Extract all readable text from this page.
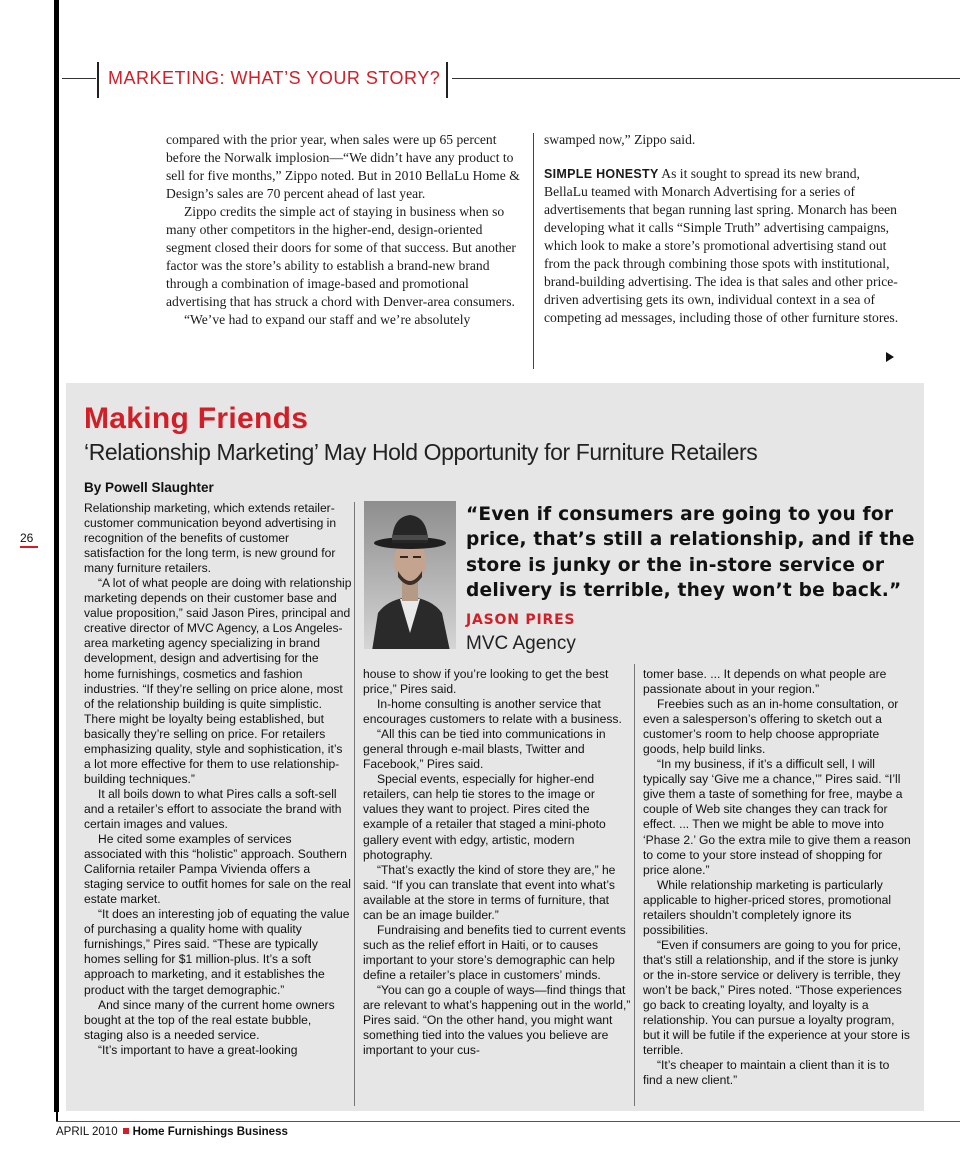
MARKETING: WHAT’S YOUR STORY?

compared with the prior year, when sales were up 65 percent before the Norwalk implosion—“We didn’t have any product to sell for five months,” Zippo noted. But in 2010 BellaLu Home & Design’s sales are 70 percent ahead of last year.

Zippo credits the simple act of staying in business when so many other competitors in the higher-end, design-oriented segment closed their doors for some of that success. But another factor was the store’s ability to establish a brand-new brand through a combination of image-based and promotional advertising that has struck a chord with Denver-area consumers.

“We’ve had to expand our staff and we’re absolutely

swamped now,” Zippo said.

SIMPLE HONESTY As it sought to spread its new brand, BellaLu teamed with Monarch Advertising for a series of advertisements that began running last spring. Monarch has been developing what it calls “Simple Truth” advertising campaigns, which look to make a store’s promotional advertising stand out from the pack through combining those spots with institutional, brand-building advertising. The idea is that sales and other price-driven advertising gets its own, individual context in a sea of competing ad messages, including those of other furniture stores.

Making Friends
‘Relationship Marketing’ May Hold Opportunity for Furniture Retailers
By Powell Slaughter

Relationship marketing, which extends retailer-customer communication beyond advertising in recognition of the benefits of customer satisfaction for the long term, is new ground for many furniture retailers.

“A lot of what people are doing with relationship marketing depends on their customer base and value proposition,” said Jason Pires, principal and creative director of MVC Agency, a Los Angeles-area marketing agency specializing in brand development, design and advertising for the home furnishings, cosmetics and fashion industries. “If they’re selling on price alone, most of the relationship building is quite simplistic. There might be loyalty being established, but basically they’re selling on price. For retailers emphasizing quality, style and sophistication, it’s a lot more effective for them to use relationship-building techniques.”

It all boils down to what Pires calls a soft-sell and a retailer’s effort to associate the brand with certain images and values.

He cited some examples of services associated with this “holistic” approach. Southern California retailer Pampa Vivienda offers a staging service to outfit homes for sale on the real estate market.

“It does an interesting job of equating the value of purchasing a quality home with quality furnishings,” Pires said. “These are typically homes selling for $1 million-plus. It’s a soft approach to marketing, and it establishes the product with the target demographic.”

And since many of the current home owners bought at the top of the real estate bubble, staging also is a needed service.

“It’s important to have a great-looking

“Even if consumers are going to you for price, that’s still a relationship, and if the store is junky or the in-store service or delivery is terrible, they won’t be back.”
JASON PIRES
MVC Agency

house to show if you’re looking to get the best price,” Pires said.

In-home consulting is another service that encourages customers to relate with a business.

“All this can be tied into communications in general through e-mail blasts, Twitter and Facebook,” Pires said.

Special events, especially for higher-end retailers, can help tie stores to the image or values they want to project. Pires cited the example of a retailer that staged a mini-photo gallery event with edgy, artistic, modern photography.

“That’s exactly the kind of store they are,” he said. “If you can translate that event into what’s available at the store in terms of furniture, that can be an image builder.”

Fundraising and benefits tied to current events such as the relief effort in Haiti, or to causes important to your store’s demographic can help define a retailer’s place in customers’ minds.

“You can go a couple of ways—find things that are relevant to what’s happening out in the world,” Pires said. “On the other hand, you might want something tied into the values you believe are important to your cus-

tomer base. ... It depends on what people are passionate about in your region.”

Freebies such as an in-home consultation, or even a salesperson’s offering to sketch out a customer’s room to help choose appropriate goods, help build links.

“In my business, if it’s a difficult sell, I will typically say ‘Give me a chance,’” Pires said. “I’ll give them a taste of something for free, maybe a couple of Web site changes they can track for effect. ... Then we might be able to move into ‘Phase 2.’ Go the extra mile to give them a reason to come to your store instead of shopping for price alone.”

While relationship marketing is particularly applicable to higher-priced stores, promotional retailers shouldn’t completely ignore its possibilities.

“Even if consumers are going to you for price, that’s still a relationship, and if the store is junky or the in-store service or delivery is terrible, they won’t be back,” Pires noted. “Those experiences go back to creating loyalty, and loyalty is a relationship. You can pursue a loyalty program, but it will be futile if the experience at your store is terrible.

“It’s cheaper to maintain a client than it is to find a new client.”

26
APRIL 2010 Home Furnishings Business
